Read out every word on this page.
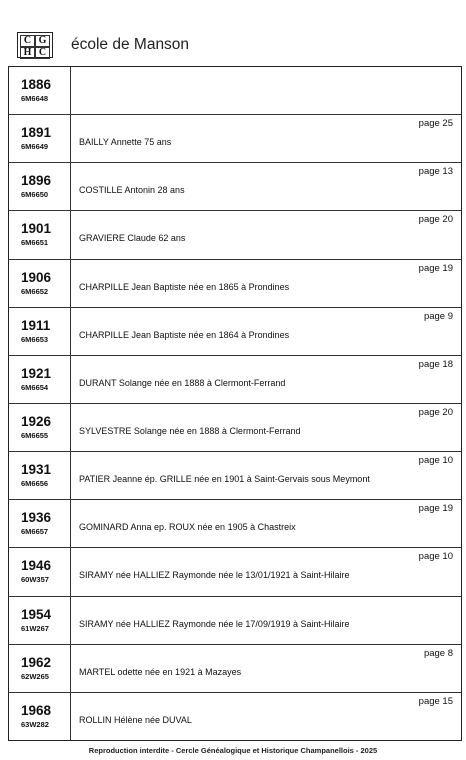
C G
H C école de Manson
1886
6M6648
1891
6M6649
page 25
BAILLY Annette 75 ans
1896
6M6650
page 13
COSTILLE Antonin 28 ans
1901
6M6651
page 20
GRAVIERE Claude 62 ans
1906
6M6652
page 19
CHARPILLE Jean Baptiste née en 1865 à Prondines
1911
6M6653
page 9
CHARPILLE Jean Baptiste née en 1864 à Prondines
1921
6M6654
page 18
DURANT Solange née en 1888 à Clermont-Ferrand
1926
6M6655
page 20
SYLVESTRE Solange née en 1888 à Clermont-Ferrand
1931
6M6656
page 10
PATIER Jeanne ép. GRILLE née en 1901 à Saint-Gervais sous Meymont
1936
6M6657
page 19
GOMINARD Anna ep. ROUX née en 1905 à Chastreix
1946
60W357
page 10
SIRAMY née HALLIEZ Raymonde née le 13/01/1921 à Saint-Hilaire
1954
61W267	SIRAMY née HALLIEZ Raymonde née le 17/09/1919 à Saint-Hilaire
1962
62W265
page 8
MARTEL odette née en 1921 à Mazayes
1968
63W282
page 15
ROLLIN Hélène née DUVAL
Reproduction interdite - Cercle Généalogique et Historique Champanellois - 2025
